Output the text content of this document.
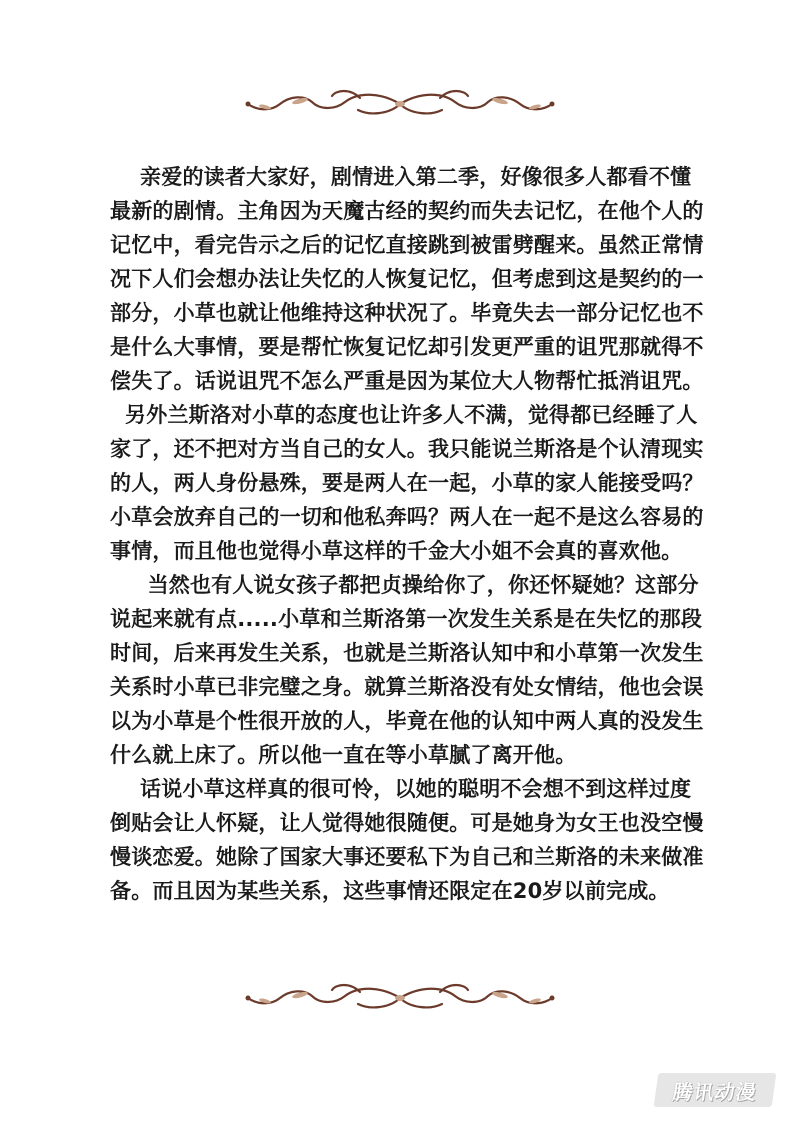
亲爱的读者大家好，剧情进入第二季，好像很多人都看不懂最新的剧情。主角因为天魔古经的契约而失去记忆，在他个人的记忆中，看完告示之后的记忆直接跳到被雷劈醒来。虽然正常情况下人们会想办法让失忆的人恢复记忆，但考虑到这是契约的一部分，小草也就让他维持这种状况了。毕竟失去一部分记忆也不是什么大事情，要是帮忙恢复记忆却引发更严重的诅咒那就得不偿失了。话说诅咒不怎么严重是因为某位大人物帮忙抵消诅咒。

另外兰斯洛对小草的态度也让许多人不满，觉得都已经睡了人家了，还不把对方当自己的女人。我只能说兰斯洛是个认清现实的人，两人身份悬殊，要是两人在一起，小草的家人能接受吗？小草会放弃自己的一切和他私奔吗？两人在一起不是这么容易的事情，而且他也觉得小草这样的千金大小姐不会真的喜欢他。

当然也有人说女孩子都把贞操给你了，你还怀疑她？这部分说起来就有点.....小草和兰斯洛第一次发生关系是在失忆的那段时间，后来再发生关系，也就是兰斯洛认知中和小草第一次发生关系时小草已非完璧之身。就算兰斯洛没有处女情结，他也会误以为小草是个性很开放的人，毕竟在他的认知中两人真的没发生什么就上床了。所以他一直在等小草腻了离开他。

话说小草这样真的很可怜，以她的聪明不会想不到这样过度倒贴会让人怀疑，让人觉得她很随便。可是她身为女王也没空慢慢谈恋爱。她除了国家大事还要私下为自己和兰斯洛的未来做准备。而且因为某些关系，这些事情还限定在20岁以前完成。

腾讯动漫
